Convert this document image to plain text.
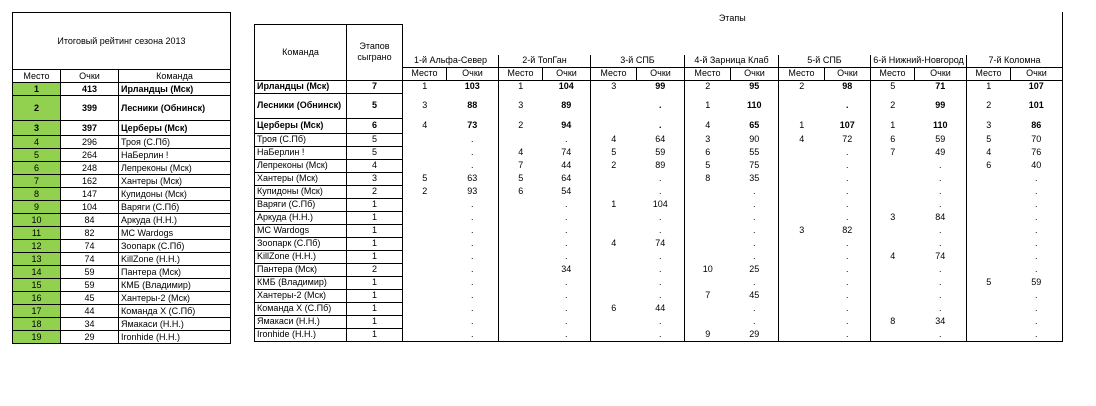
Итоговый рейтинг сезона 2013		
Место	Очки	Команда
1	413	Ирландцы (Мск)
2	399	Лесники (Обнинск)
3	397	Церберы (Мск)
4	296	Троя (С.Пб)
5	264	НаБерлин !
6	248	Лепреконы (Мск)
7	162	Хантеры (Мск)
8	147	Купидоны (Мск)
9	104	Варяги (С.Пб)
10	84	Аркуда (Н.Н.)
11	82	MC Wardogs
12	74	Зоопарк (С.Пб)
13	74	KillZone (Н.Н.)
14	59	Пантера (Мск)
15	59	КМБ (Владимир)
16	45	Хантеры-2 (Мск)
17	44	Команда X (С.Пб)
18	34	Ямакаси (Н.Н.)
19	29	Ironhide (Н.Н.)
		Этапы													
Команда	Этапов
сыграно														

		1-й Альфа-Север		2-й ТопГан		3-й СПБ		4-й Зарница Клаб		5-й СПБ		6-й Нижний-Новгород		7-й Коломна	
		Место	Очки	Место	Очки	Место	Очки	Место	Очки	Место	Очки	Место	Очки	Место	Очки
Ирландцы (Мск)	7	1	103	1	104	3	99	2	95	2	98	5	71	1	107
Лесники (Обнинск)	5	3	88	3	89		.	1	110		.	2	99	2	101
Церберы (Мск)	6	4	73	2	94		.	4	65	1	107	1	110	3	86
Троя (С.Пб)	5		.		.	4	64	3	90	4	72	6	59	5	70
НаБерлин !	5		.	4	74	5	59	6	55		.	7	49	4	76
Лепреконы (Мск)	4		.	7	44	2	89	5	75		.		.	6	40
Хантеры (Мск)	3	5	63	5	64		.	8	35		.		.		.
Купидоны (Мск)	2	2	93	6	54		.		.		.		.		.
Варяги (С.Пб)	1		.		.	1	104		.		.		.		.
Аркуда (Н.Н.)	1		.		.		.		.		.	3	84		.
MC Wardogs	1		.		.		.		.	3	82		.		.
Зоопарк (С.Пб)	1		.		.	4	74		.		.		.		.
KillZone (Н.Н.)	1		.		.		.		.		.	4	74		.
Пантера (Мск)	2		.		34		.	10	25		.		.		.
КМБ (Владимир)	1		.		.		.		.		.		.	5	59
Хантеры-2 (Мск)	1		.		.		.	7	45		.		.		.
Команда X (С.Пб)	1		.		.	6	44		.		.		.		.
Ямакаси (Н.Н.)	1		.		.		.		.		.	8	34		.
Ironhide (Н.Н.)	1		.		.		.	9	29		.		.		.
